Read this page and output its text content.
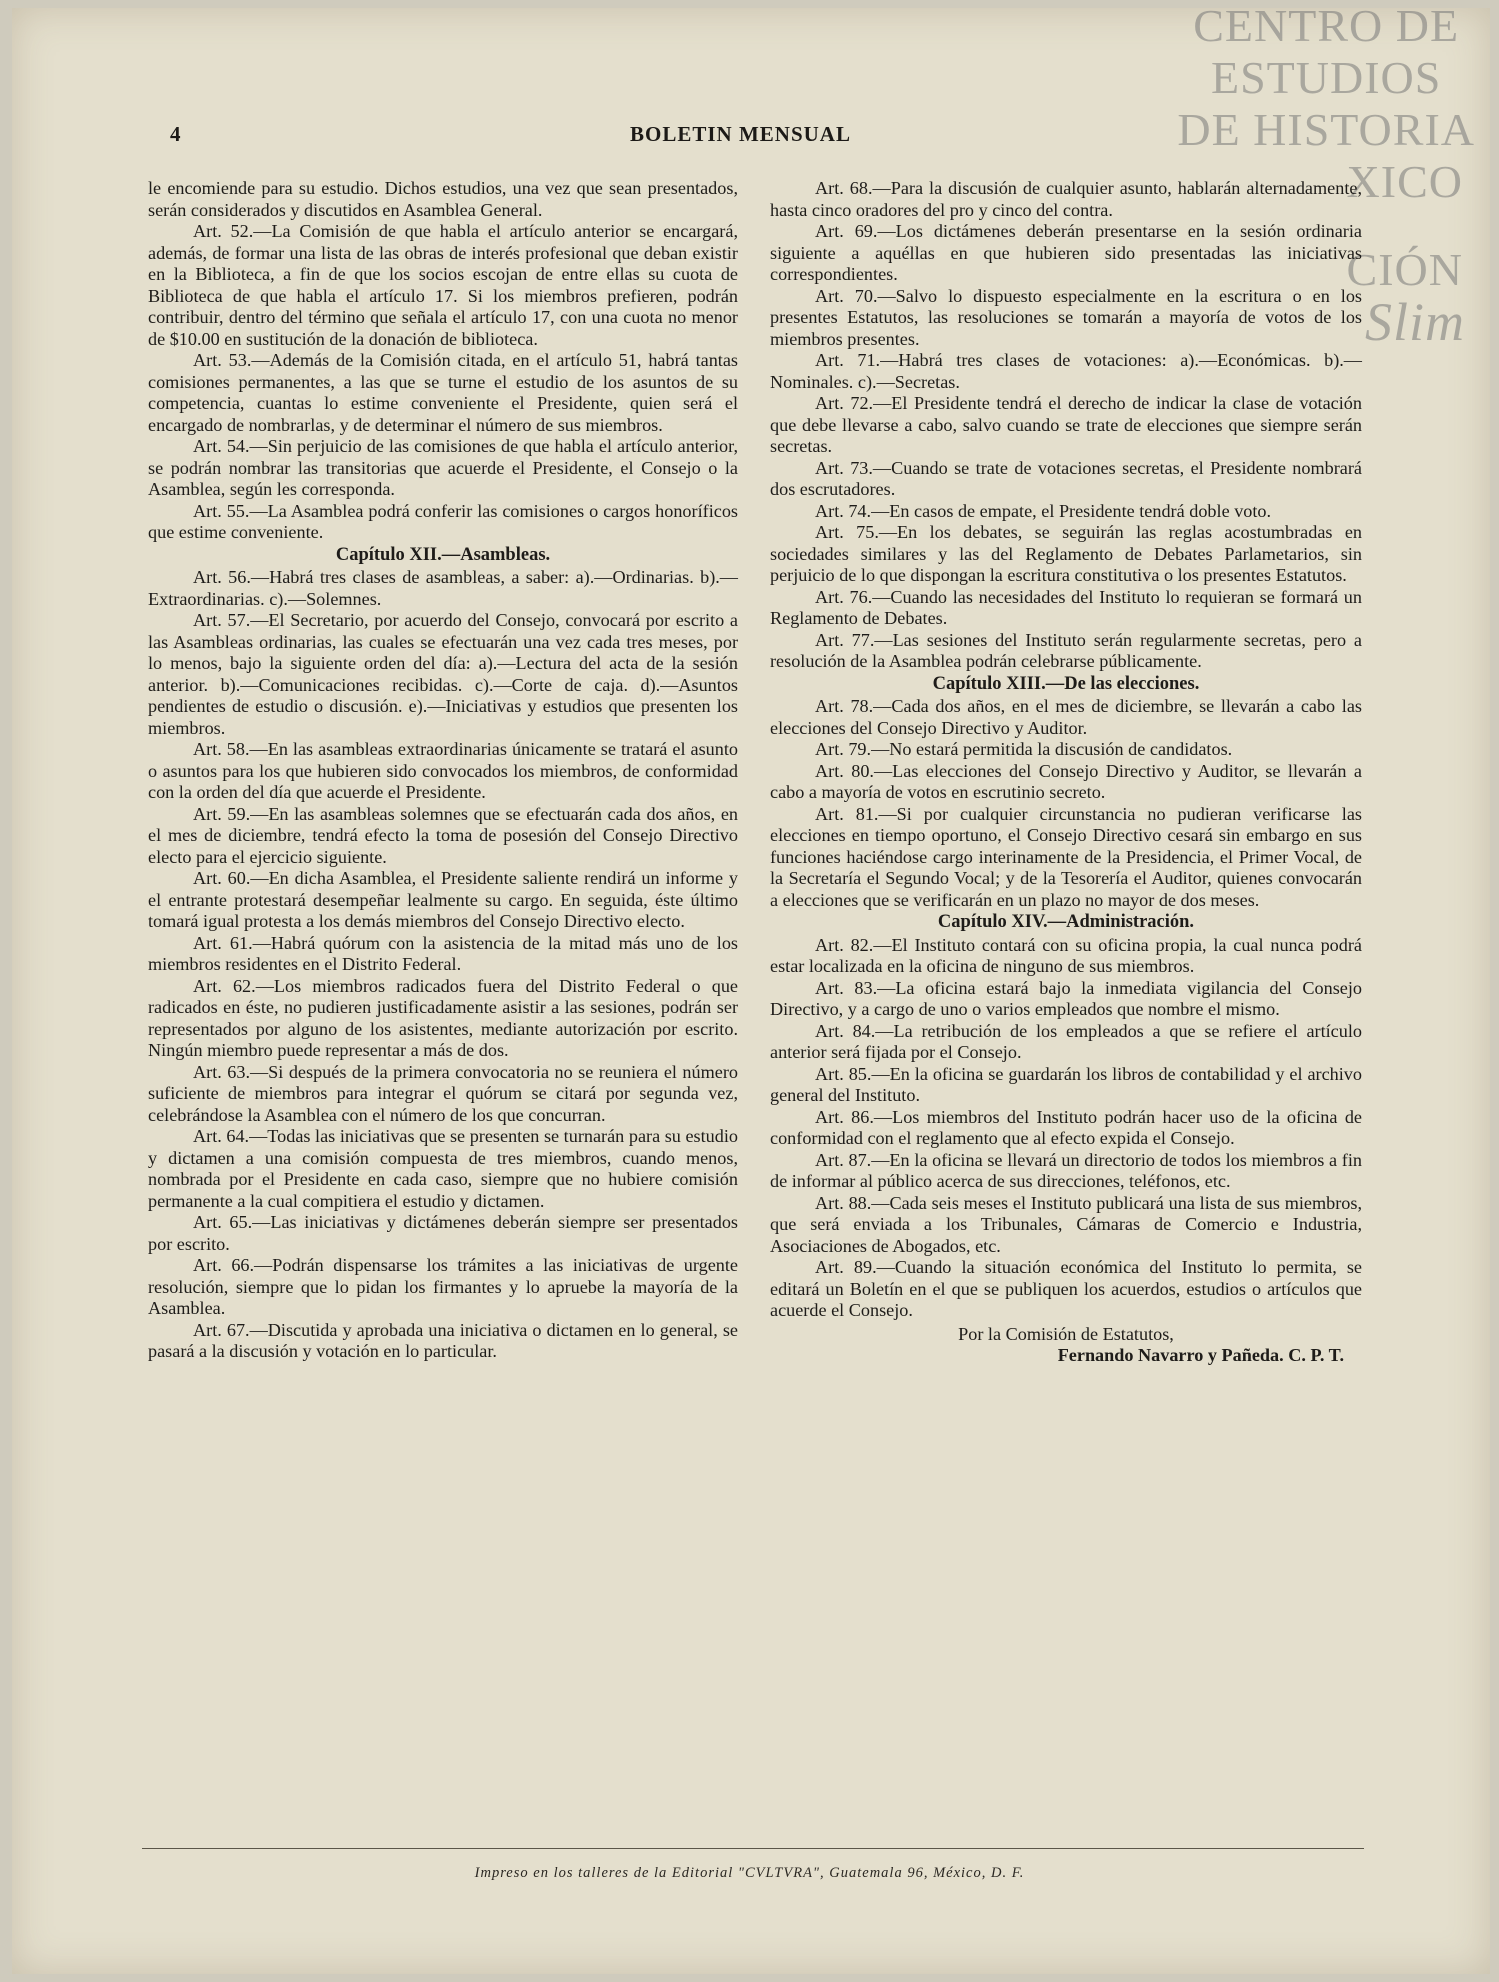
CENTRO DE
ESTUDIOS
DE HISTORIA
XICO
CIÓN
Slim
4	BOLETIN MENSUAL

le encomiende para su estudio. Dichos estudios, una vez que sean presentados, serán considerados y discutidos en Asamblea General.

Art. 52.—La Comisión de que habla el artículo anterior se encargará, además, de formar una lista de las obras de interés profesional que deban existir en la Biblioteca, a fin de que los socios escojan de entre ellas su cuota de Biblioteca de que habla el artículo 17. Si los miembros prefieren, podrán contribuir, dentro del término que señala el artículo 17, con una cuota no menor de $10.00 en sustitución de la donación de biblioteca.

Art. 53.—Además de la Comisión citada, en el artículo 51, habrá tantas comisiones permanentes, a las que se turne el estudio de los asuntos de su competencia, cuantas lo estime conveniente el Presidente, quien será el encargado de nombrarlas, y de determinar el número de sus miembros.

Art. 54.—Sin perjuicio de las comisiones de que habla el artículo anterior, se podrán nombrar las transitorias que acuerde el Presidente, el Consejo o la Asamblea, según les corresponda.

Art. 55.—La Asamblea podrá conferir las comisiones o cargos honoríficos que estime conveniente.

Capítulo XII.—Asambleas.

Art. 56.—Habrá tres clases de asambleas, a saber: a).—Ordinarias. b).—Extraordinarias. c).—Solemnes.

Art. 57.—El Secretario, por acuerdo del Consejo, convocará por escrito a las Asambleas ordinarias, las cuales se efectuarán una vez cada tres meses, por lo menos, bajo la siguiente orden del día: a).—Lectura del acta de la sesión anterior. b).—Comunicaciones recibidas. c).—Corte de caja. d).—Asuntos pendientes de estudio o discusión. e).—Iniciativas y estudios que presenten los miembros.

Art. 58.—En las asambleas extraordinarias únicamente se tratará el asunto o asuntos para los que hubieren sido convocados los miembros, de conformidad con la orden del día que acuerde el Presidente.

Art. 59.—En las asambleas solemnes que se efectuarán cada dos años, en el mes de diciembre, tendrá efecto la toma de posesión del Consejo Directivo electo para el ejercicio siguiente.

Art. 60.—En dicha Asamblea, el Presidente saliente rendirá un informe y el entrante protestará desempeñar lealmente su cargo. En seguida, éste último tomará igual protesta a los demás miembros del Consejo Directivo electo.

Art. 61.—Habrá quórum con la asistencia de la mitad más uno de los miembros residentes en el Distrito Federal.

Art. 62.—Los miembros radicados fuera del Distrito Federal o que radicados en éste, no pudieren justificadamente asistir a las sesiones, podrán ser representados por alguno de los asistentes, mediante autorización por escrito. Ningún miembro puede representar a más de dos.

Art. 63.—Si después de la primera convocatoria no se reuniera el número suficiente de miembros para integrar el quórum se citará por segunda vez, celebrándose la Asamblea con el número de los que concurran.

Art. 64.—Todas las iniciativas que se presenten se turnarán para su estudio y dictamen a una comisión compuesta de tres miembros, cuando menos, nombrada por el Presidente en cada caso, siempre que no hubiere comisión permanente a la cual compitiera el estudio y dictamen.

Art. 65.—Las iniciativas y dictámenes deberán siempre ser presentados por escrito.

Art. 66.—Podrán dispensarse los trámites a las iniciativas de urgente resolución, siempre que lo pidan los firmantes y lo apruebe la mayoría de la Asamblea.

Art. 67.—Discutida y aprobada una iniciativa o dictamen en lo general, se pasará a la discusión y votación en lo particular.

Art. 68.—Para la discusión de cualquier asunto, hablarán alternadamente, hasta cinco oradores del pro y cinco del contra.

Art. 69.—Los dictámenes deberán presentarse en la sesión ordinaria siguiente a aquéllas en que hubieren sido presentadas las iniciativas correspondientes.

Art. 70.—Salvo lo dispuesto especialmente en la escritura o en los presentes Estatutos, las resoluciones se tomarán a mayoría de votos de los miembros presentes.

Art. 71.—Habrá tres clases de votaciones: a).—Económicas. b).—Nominales. c).—Secretas.

Art. 72.—El Presidente tendrá el derecho de indicar la clase de votación que debe llevarse a cabo, salvo cuando se trate de elecciones que siempre serán secretas.

Art. 73.—Cuando se trate de votaciones secretas, el Presidente nombrará dos escrutadores.

Art. 74.—En casos de empate, el Presidente tendrá doble voto.

Art. 75.—En los debates, se seguirán las reglas acostumbradas en sociedades similares y las del Reglamento de Debates Parlametarios, sin perjuicio de lo que dispongan la escritura constitutiva o los presentes Estatutos.

Art. 76.—Cuando las necesidades del Instituto lo requieran se formará un Reglamento de Debates.

Art. 77.—Las sesiones del Instituto serán regularmente secretas, pero a resolución de la Asamblea podrán celebrarse públicamente.

Capítulo XIII.—De las elecciones.

Art. 78.—Cada dos años, en el mes de diciembre, se llevarán a cabo las elecciones del Consejo Directivo y Auditor.

Art. 79.—No estará permitida la discusión de candidatos.

Art. 80.—Las elecciones del Consejo Directivo y Auditor, se llevarán a cabo a mayoría de votos en escrutinio secreto.

Art. 81.—Si por cualquier circunstancia no pudieran verificarse las elecciones en tiempo oportuno, el Consejo Directivo cesará sin embargo en sus funciones haciéndose cargo interinamente de la Presidencia, el Primer Vocal, de la Secretaría el Segundo Vocal; y de la Tesorería el Auditor, quienes convocarán a elecciones que se verificarán en un plazo no mayor de dos meses.

Capítulo XIV.—Administración.

Art. 82.—El Instituto contará con su oficina propia, la cual nunca podrá estar localizada en la oficina de ninguno de sus miembros.

Art. 83.—La oficina estará bajo la inmediata vigilancia del Consejo Directivo, y a cargo de uno o varios empleados que nombre el mismo.

Art. 84.—La retribución de los empleados a que se refiere el artículo anterior será fijada por el Consejo.

Art. 85.—En la oficina se guardarán los libros de contabilidad y el archivo general del Instituto.

Art. 86.—Los miembros del Instituto podrán hacer uso de la oficina de conformidad con el reglamento que al efecto expida el Consejo.

Art. 87.—En la oficina se llevará un directorio de todos los miembros a fin de informar al público acerca de sus direcciones, teléfonos, etc.

Art. 88.—Cada seis meses el Instituto publicará una lista de sus miembros, que será enviada a los Tribunales, Cámaras de Comercio e Industria, Asociaciones de Abogados, etc.

Art. 89.—Cuando la situación económica del Instituto lo permita, se editará un Boletín en el que se publiquen los acuerdos, estudios o artículos que acuerde el Consejo.

Por la Comisión de Estatutos,
Fernando Navarro y Pañeda. C. P. T.
Impreso en los talleres de la Editorial "CVLTVRA", Guatemala 96, México, D. F.
